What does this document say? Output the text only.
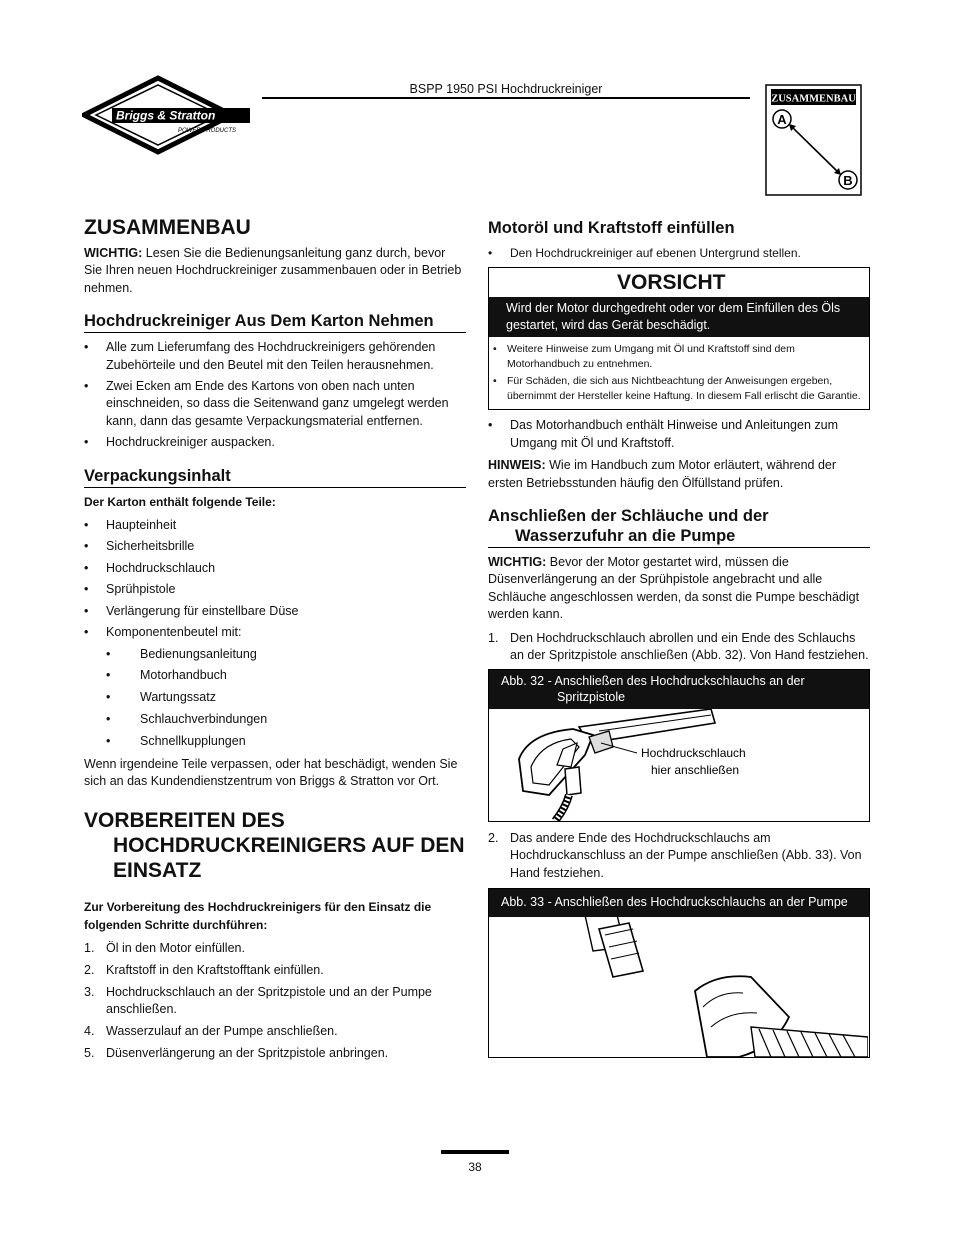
Briggs & Stratton
POWER PRODUCTS
BSPP 1950 PSI Hochdruckreiniger
ZUSAMMENBAU
A
B
ZUSAMMENBAU

WICHTIG: Lesen Sie die Bedienungsanleitung ganz durch, bevor Sie Ihren neuen Hochdruckreiniger zusammenbauen oder in Betrieb nehmen.

Hochdruckreiniger Aus Dem Karton Nehmen
• Alle zum Lieferumfang des Hochdruckreinigers gehörenden Zubehörteile und den Beutel mit den Teilen herausnehmen.
• Zwei Ecken am Ende des Kartons von oben nach unten einschneiden, so dass die Seitenwand ganz umgelegt werden kann, dann das gesamte Verpackungsmaterial entfernen.
• Hochdruckreiniger auspacken.
Verpackungsinhalt

Der Karton enthält folgende Teile:

• Haupteinheit
• Sicherheitsbrille
• Hochdruckschlauch
• Sprühpistole
• Verlängerung für einstellbare Düse
• Komponentenbeutel mit:
• Bedienungsanleitung
• Motorhandbuch
• Wartungssatz
• Schlauchverbindungen
• Schnellkupplungen

Wenn irgendeine Teile verpassen, oder hat beschädigt, wenden Sie sich an das Kundendienstzentrum von Briggs & Stratton vor Ort.

VORBEREITEN DES HOCHDRUCKREINIGERS AUF DEN EINSATZ

Zur Vorbereitung des Hochdruckreinigers für den Einsatz die folgenden Schritte durchführen:

1. Öl in den Motor einfüllen.
2. Kraftstoff in den Kraftstofftank einfüllen.
3. Hochdruckschlauch an der Spritzpistole und an der Pumpe anschließen.
4. Wasserzulauf an der Pumpe anschließen.
5. Düsenverlängerung an der Spritzpistole anbringen.
Motoröl und Kraftstoff einfüllen
• Den Hochdruckreiniger auf ebenen Untergrund stellen.
VORSICHT
Wird der Motor durchgedreht oder vor dem Einfüllen des Öls gestartet, wird das Gerät beschädigt.
• Weitere Hinweise zum Umgang mit Öl und Kraftstoff sind dem Motorhandbuch zu entnehmen.
• Für Schäden, die sich aus Nichtbeachtung der Anweisungen ergeben, übernimmt der Hersteller keine Haftung. In diesem Fall erlischt die Garantie.
• Das Motorhandbuch enthält Hinweise und Anleitungen zum Umgang mit Öl und Kraftstoff.

HINWEIS: Wie im Handbuch zum Motor erläutert, während der ersten Betriebsstunden häufig den Ölfüllstand prüfen.

Anschließen der Schläuche und der Wasserzufuhr an die Pumpe

WICHTIG: Bevor der Motor gestartet wird, müssen die Düsenverlängerung an der Sprühpistole angebracht und alle Schläuche angeschlossen werden, da sonst die Pumpe beschädigt werden kann.

1. Den Hochdruckschlauch abrollen und ein Ende des Schlauchs an der Spritzpistole anschließen (Abb. 32). Von Hand festziehen.
Abb. 32 - Anschließen des Hochdruckschlauchs an der
Spritzpistole
Hochdruckschlauch
hier anschließen
2. Das andere Ende des Hochdruckschlauchs am Hochdruckanschluss an der Pumpe anschließen (Abb. 33). Von Hand festziehen.
Abb. 33 - Anschließen des Hochdruckschlauchs an der Pumpe
38
